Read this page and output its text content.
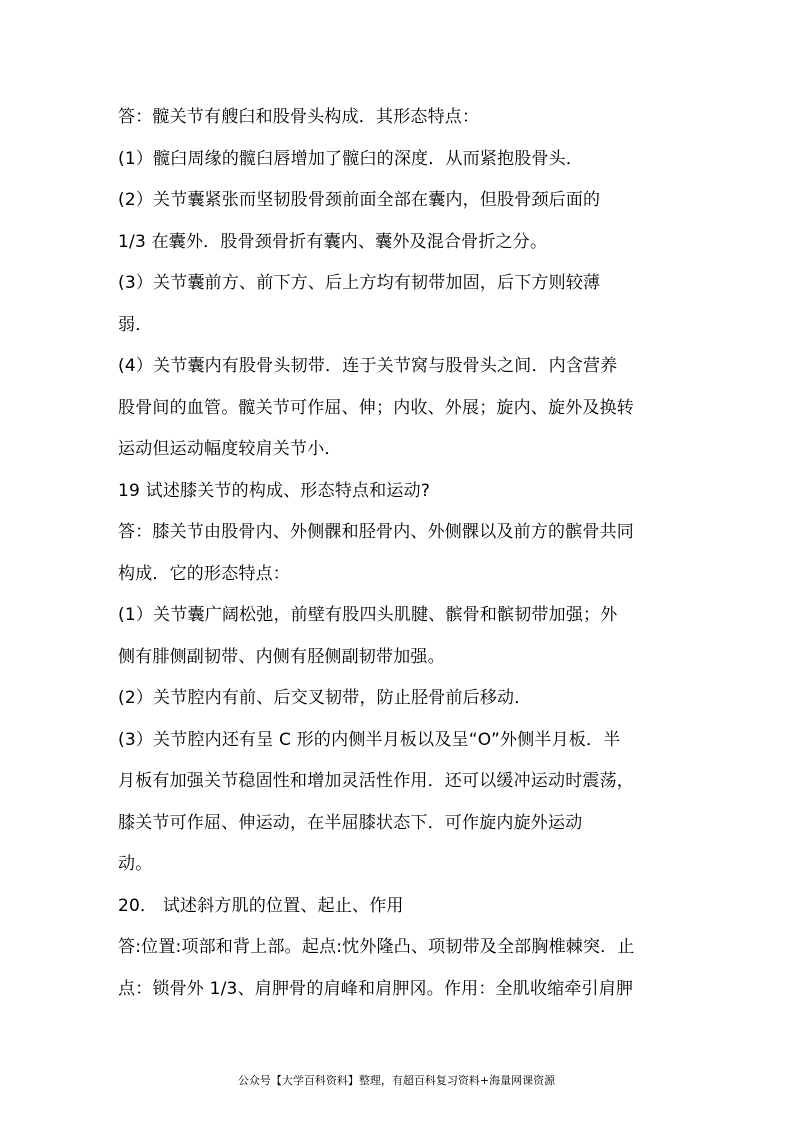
答：髋关节有艘臼和股骨头构成．其形态特点：
(1）髋臼周缘的髋臼唇增加了髋臼的深度．从而紧抱股骨头．
(2）关节囊紧张而坚韧股骨颈前面全部在囊内，但股骨颈后面的
1/3 在囊外．股骨颈骨折有囊内、囊外及混合骨折之分。
(3）关节囊前方、前下方、后上方均有韧带加固，后下方则较薄
弱．
(4）关节囊内有股骨头韧带．连于关节窝与股骨头之间．内含营养
股骨间的血管。髋关节可作屈、伸；内收、外展；旋内、旋外及换转
运动但运动幅度较肩关节小．
19 试述膝关节的构成、形态特点和运动?
答：膝关节由股骨内、外侧髁和胫骨内、外侧髁以及前方的髌骨共同
构成．它的形态特点：
(1）关节囊广阔松弛，前壁有股四头肌腱、髌骨和髌韧带加强；外
侧有腓侧副韧带、内侧有胫侧副韧带加强。
(2）关节腔内有前、后交叉韧带，防止胫骨前后移动．
(3）关节腔内还有呈 C 形的内侧半月板以及呈“O”外侧半月板．半
月板有加强关节稳固性和增加灵活性作用．还可以缓冲运动时震荡，
膝关节可作屈、伸运动，在半屈膝状态下．可作旋内旋外运动
动。
20． 试述斜方肌的位置、起止、作用
答:位置:项部和背上部。起点:忱外隆凸、项韧带及全部胸椎棘突．止
点：锁骨外 1/3、肩胛骨的肩峰和肩胛冈。作用：全肌收缩牵引肩胛
公众号【大学百科资料】整理，有超百科复习资料+海量网课资源
